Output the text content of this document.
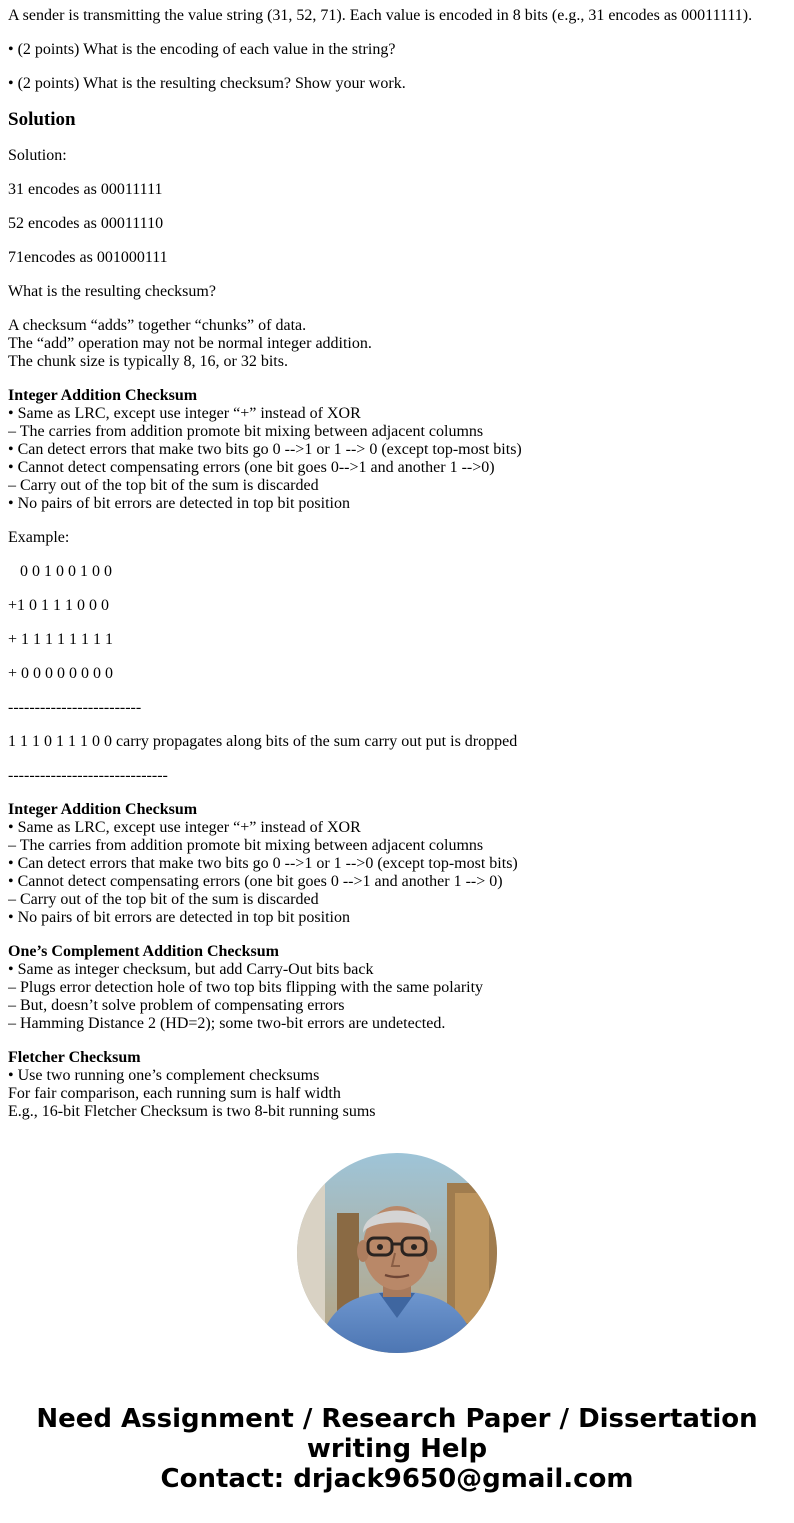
A sender is transmitting the value string (31, 52, 71). Each value is encoded in 8 bits (e.g., 31 encodes as 00011111).

• (2 points) What is the encoding of each value in the string?

• (2 points) What is the resulting checksum? Show your work.

Solution

Solution:

31 encodes as 00011111

52 encodes as 00011110

71encodes as 001000111

What is the resulting checksum?

A checksum “adds” together “chunks” of data.
The “add” operation may not be normal integer addition.
The chunk size is typically 8, 16, or 32 bits.
Integer Addition Checksum
• Same as LRC, except use integer “+” instead of XOR
– The carries from addition promote bit mixing between adjacent columns
• Can detect errors that make two bits go 0 -->1 or 1 --> 0 (except top-most bits)
• Cannot detect compensating errors (one bit goes 0-->1 and another 1 -->0)
– Carry out of the top bit of the sum is discarded
• No pairs of bit errors are detected in top bit position

Example:

0 0 1 0 0 1 0 0

+1 0 1 1 1 0 0 0

+ 1 1 1 1 1 1 1 1

+ 0 0 0 0 0 0 0 0

-------------------------

1 1 1 0 1 1 1 0 0 carry propagates along bits of the sum carry out put is dropped

------------------------------

Integer Addition Checksum
• Same as LRC, except use integer “+” instead of XOR
– The carries from addition promote bit mixing between adjacent columns
• Can detect errors that make two bits go 0 -->1 or 1 -->0 (except top-most bits)
• Cannot detect compensating errors (one bit goes 0 -->1 and another 1 --> 0)
– Carry out of the top bit of the sum is discarded
• No pairs of bit errors are detected in top bit position
One’s Complement Addition Checksum
• Same as integer checksum, but add Carry-Out bits back
– Plugs error detection hole of two top bits flipping with the same polarity
– But, doesn’t solve problem of compensating errors
– Hamming Distance 2 (HD=2); some two-bit errors are undetected.
Fletcher Checksum
• Use two running one’s complement checksums
For fair comparison, each running sum is half width
E.g., 16-bit Fletcher Checksum is two 8-bit running sums
Need Assignment / Research Paper / Dissertation
writing Help
Contact: drjack9650@gmail.com
